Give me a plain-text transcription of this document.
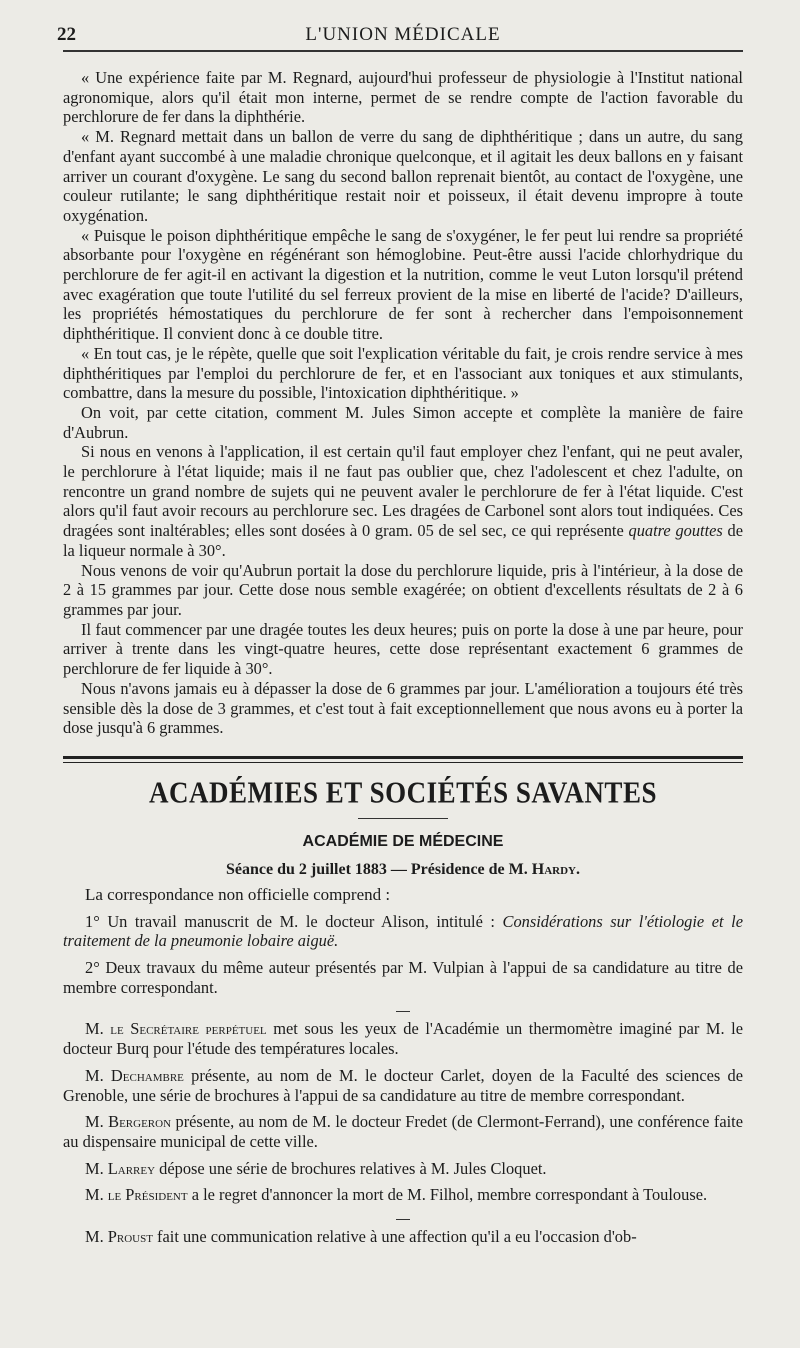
22	L'UNION MÉDICALE

« Une expérience faite par M. Regnard, aujourd'hui professeur de physiologie à l'Institut national agronomique, alors qu'il était mon interne, permet de se rendre compte de l'action favorable du perchlorure de fer dans la diphthérie.

« M. Regnard mettait dans un ballon de verre du sang de diphthéritique ; dans un autre, du sang d'enfant ayant succombé à une maladie chronique quelconque, et il agitait les deux ballons en y faisant arriver un courant d'oxygène. Le sang du second ballon reprenait bientôt, au contact de l'oxygène, une couleur rutilante; le sang diphthéritique restait noir et poisseux, il était devenu impropre à toute oxygénation.

« Puisque le poison diphthéritique empêche le sang de s'oxygéner, le fer peut lui rendre sa propriété absorbante pour l'oxygène en régénérant son hémoglobine. Peut-être aussi l'acide chlorhydrique du perchlorure de fer agit-il en activant la digestion et la nutrition, comme le veut Luton lorsqu'il prétend avec exagération que toute l'utilité du sel ferreux provient de la mise en liberté de l'acide? D'ailleurs, les propriétés hémostatiques du perchlorure de fer sont à rechercher dans l'empoisonnement diphthéritique. Il convient donc à ce double titre.

« En tout cas, je le répète, quelle que soit l'explication véritable du fait, je crois rendre service à mes diphthéritiques par l'emploi du perchlorure de fer, et en l'associant aux toniques et aux stimulants, combattre, dans la mesure du possible, l'intoxication diphthéritique. »

On voit, par cette citation, comment M. Jules Simon accepte et complète la manière de faire d'Aubrun.

Si nous en venons à l'application, il est certain qu'il faut employer chez l'enfant, qui ne peut avaler, le perchlorure à l'état liquide; mais il ne faut pas oublier que, chez l'adolescent et chez l'adulte, on rencontre un grand nombre de sujets qui ne peuvent avaler le perchlorure de fer à l'état liquide. C'est alors qu'il faut avoir recours au perchlorure sec. Les dragées de Carbonel sont alors tout indiquées. Ces dragées sont inaltérables; elles sont dosées à 0 gram. 05 de sel sec, ce qui représente quatre gouttes de la liqueur normale à 30°.

Nous venons de voir qu'Aubrun portait la dose du perchlorure liquide, pris à l'intérieur, à la dose de 2 à 15 grammes par jour. Cette dose nous semble exagérée; on obtient d'excellents résultats de 2 à 6 grammes par jour.

Il faut commencer par une dragée toutes les deux heures; puis on porte la dose à une par heure, pour arriver à trente dans les vingt-quatre heures, cette dose représentant exactement 6 grammes de perchlorure de fer liquide à 30°.

Nous n'avons jamais eu à dépasser la dose de 6 grammes par jour. L'amélioration a toujours été très sensible dès la dose de 3 grammes, et c'est tout à fait exceptionnellement que nous avons eu à porter la dose jusqu'à 6 grammes.

ACADÉMIES ET SOCIÉTÉS SAVANTES
ACADÉMIE DE MÉDECINE

Séance du 2 juillet 1883 — Présidence de M. Hardy.

La correspondance non officielle comprend :

1° Un travail manuscrit de M. le docteur Alison, intitulé : Considérations sur l'étiologie et le traitement de la pneumonie lobaire aiguë.

2° Deux travaux du même auteur présentés par M. Vulpian à l'appui de sa candidature au titre de membre correspondant.

M. le Secrétaire perpétuel met sous les yeux de l'Académie un thermomètre imaginé par M. le docteur Burq pour l'étude des températures locales.

M. Dechambre présente, au nom de M. le docteur Carlet, doyen de la Faculté des sciences de Grenoble, une série de brochures à l'appui de sa candidature au titre de membre correspondant.

M. Bergeron présente, au nom de M. le docteur Fredet (de Clermont-Ferrand), une conférence faite au dispensaire municipal de cette ville.

M. Larrey dépose une série de brochures relatives à M. Jules Cloquet.

M. le Président a le regret d'annoncer la mort de M. Filhol, membre correspondant à Toulouse.

M. Proust fait une communication relative à une affection qu'il a eu l'occasion d'ob-
